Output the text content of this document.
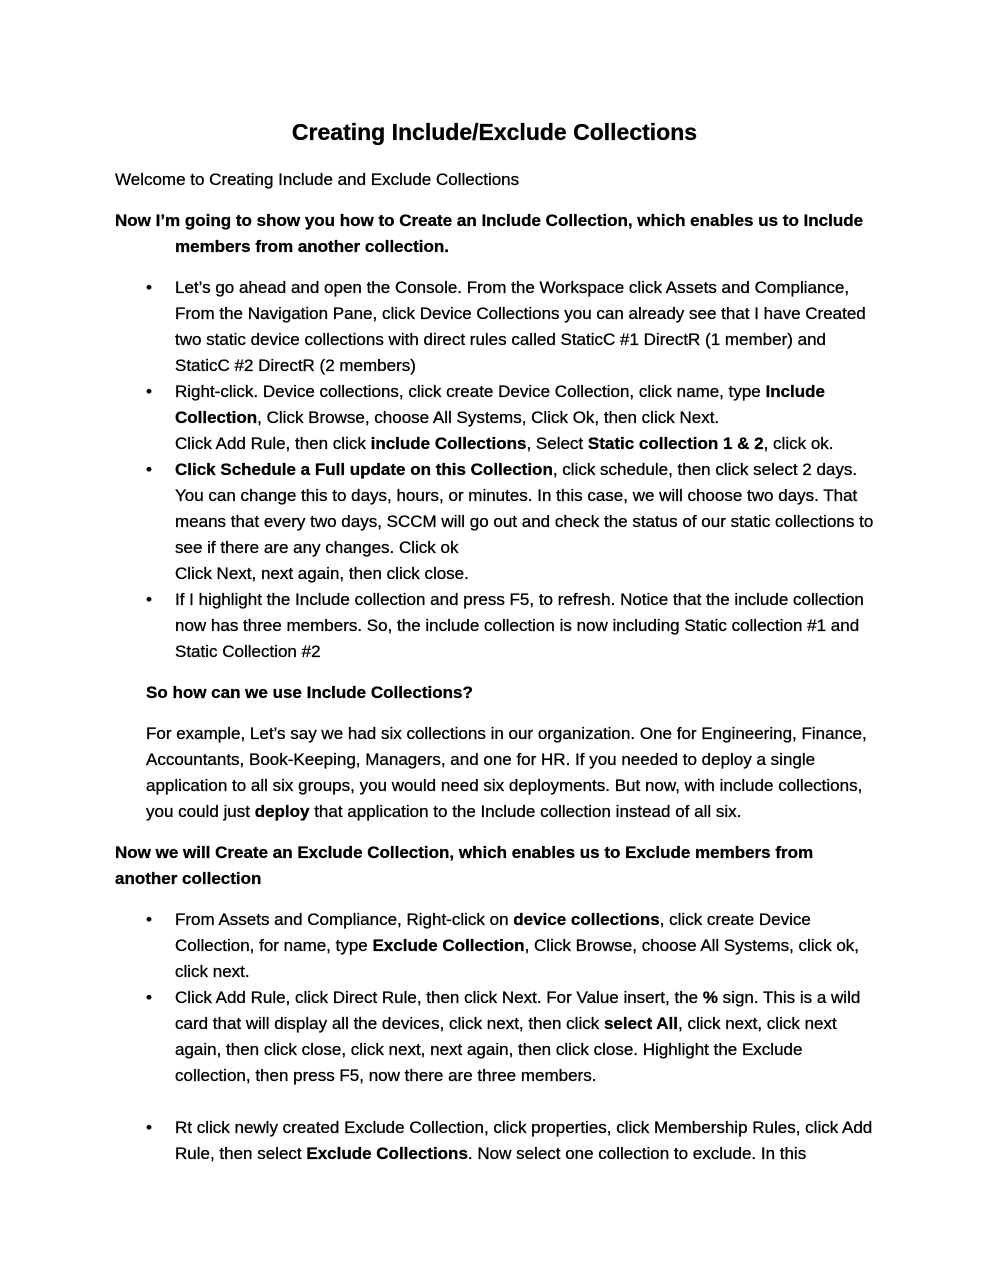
Creating Include/Exclude Collections
Welcome to Creating Include and Exclude Collections
Now I’m going to show you how to Create an Include Collection, which enables us to Include members from another collection.
•	Let’s go ahead and open the Console. From the Workspace click Assets and Compliance, From the Navigation Pane, click Device Collections you can already see that I have Created two static device collections with direct rules called StaticC #1 DirectR (1 member) and StaticC #2 DirectR (2 members)
•	Right-click. Device collections, click create Device Collection, click name, type Include Collection, Click Browse, choose All Systems, Click Ok, then click Next.
Click Add Rule, then click include Collections, Select Static collection 1 & 2, click ok.
•	Click Schedule a Full update on this Collection, click schedule, then click select 2 days. You can change this to days, hours, or minutes. In this case, we will choose two days. That means that every two days, SCCM will go out and check the status of our static collections to see if there are any changes. Click ok
Click Next, next again, then click close.
•	If I highlight the Include collection and press F5, to refresh. Notice that the include collection now has three members. So, the include collection is now including Static collection #1 and Static Collection #2
So how can we use Include Collections?
For example, Let’s say we had six collections in our organization. One for Engineering, Finance, Accountants, Book-Keeping, Managers, and one for HR. If you needed to deploy a single application to all six groups, you would need six deployments. But now, with include collections, you could just deploy that application to the Include collection instead of all six.
Now we will Create an Exclude Collection, which enables us to Exclude members from another collection
•	From Assets and Compliance, Right-click on device collections, click create Device Collection, for name, type Exclude Collection, Click Browse, choose All Systems, click ok, click next.
•	Click Add Rule, click Direct Rule, then click Next. For Value insert, the % sign. This is a wild card that will display all the devices, click next, then click select All, click next, click next again, then click close, click next, next again, then click close. Highlight the Exclude collection, then press F5, now there are three members.
•	Rt click newly created Exclude Collection, click properties, click Membership Rules, click Add Rule, then select Exclude Collections. Now select one collection to exclude. In this
